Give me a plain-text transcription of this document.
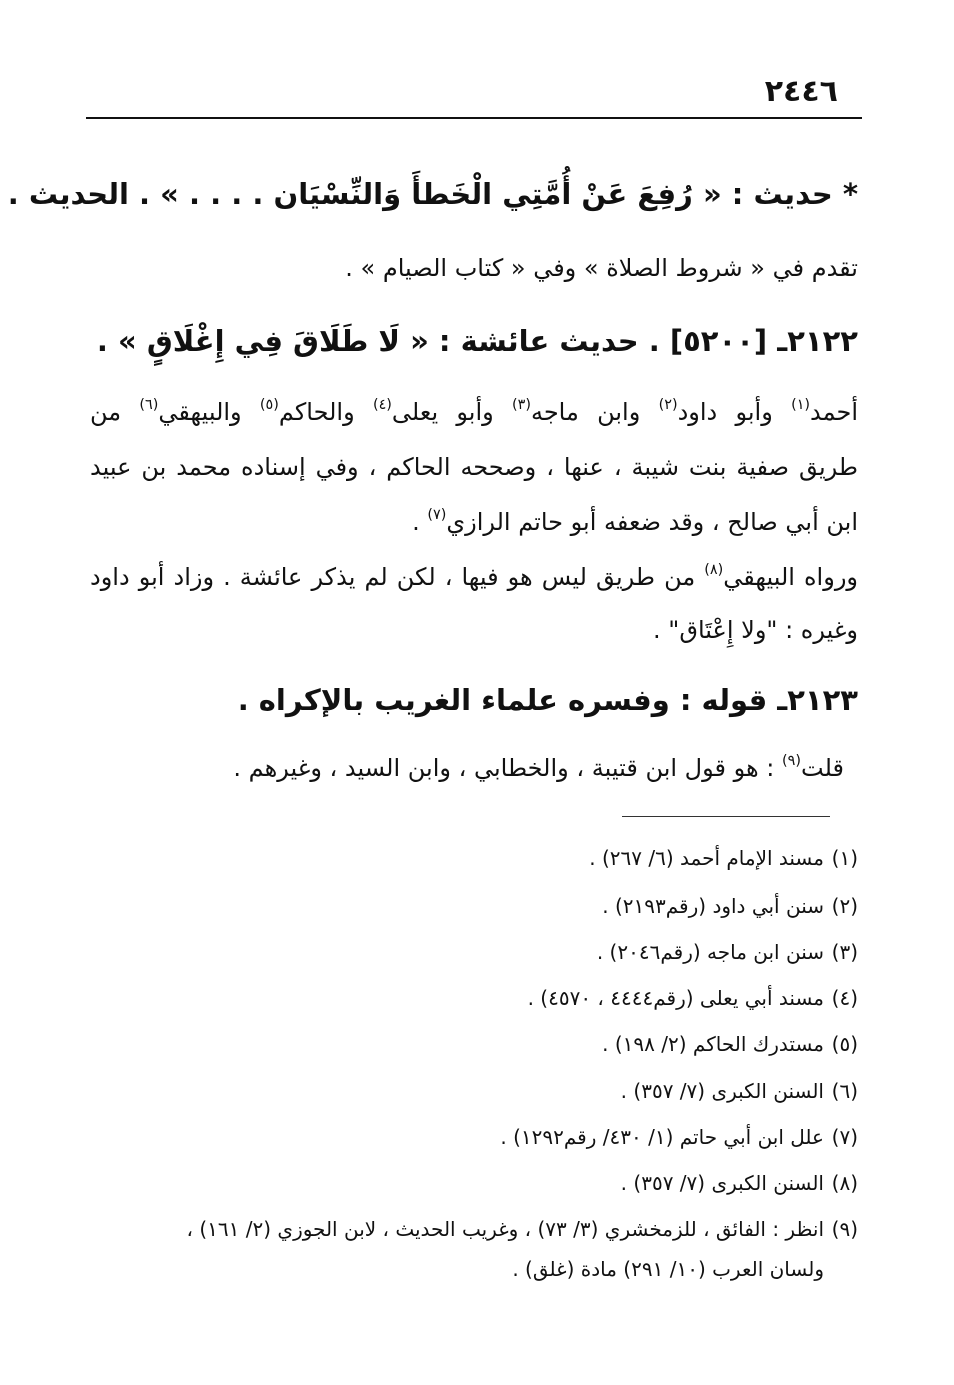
٢٤٤٦
* حديث : « رُفِعَ عَنْ أُمَّتِي الْخَطأَ وَالنِّسْيَان . . . . » . الحديث .
تقدم في « شروط الصلاة » وفي « كتاب الصيام » .
٢١٢٢ـ [٥٢٠٠] . حديث عائشة : « لَا طَلَاقَ فِي إِغْلَاقٍ » .
أحمد$^{(١)}$ وأبو داود$^{(٢)}$ وابن ماجه$^{(٣)}$ وأبو يعلى$^{(٤)}$ والحاكم$^{(٥)}$ والبيهقي$^{(٦)}$ من
طريق صفية بنت شيبة ، عنها ، وصححه الحاكم ، وفي إسناده محمد بن عبيد
ابن أبي صالح ، وقد ضعفه أبو حاتم الرازي$^{(٧)}$ .
ورواه البيهقي$^{(٨)}$ من طريق ليس هو فيها ، لكن لم يذكر عائشة . وزاد أبو داود
وغيره : "ولا إِعْتَاق" .
٢١٢٣ـ قوله : وفسره علماء الغريب بالإكراه .
قلت$^{(٩)}$ : هو قول ابن قتيبة ، والخطابي ، وابن السيد ، وغيرهم .
(١)مسند الإمام أحمد (٦/ ٢٦٧) .
(٢)سنن أبي داود (رقم٢١٩٣) .
(٣)سنن ابن ماجه (رقم٢٠٤٦) .
(٤)مسند أبي يعلى (رقم٤٤٤٤ ، ٤٥٧٠) .
(٥)مستدرك الحاكم (٢/ ١٩٨) .
(٦)السنن الكبرى (٧/ ٣٥٧) .
(٧)علل ابن أبي حاتم (١/ ٤٣٠/ رقم١٢٩٢) .
(٨)السنن الكبرى (٧/ ٣٥٧) .
(٩)انظر : الفائق ، للزمخشري (٣/ ٧٣) ، وغريب الحديث ، لابن الجوزي (٢/ ١٦١) ،
ولسان العرب (١٠/ ٢٩١) مادة (غلق) .
